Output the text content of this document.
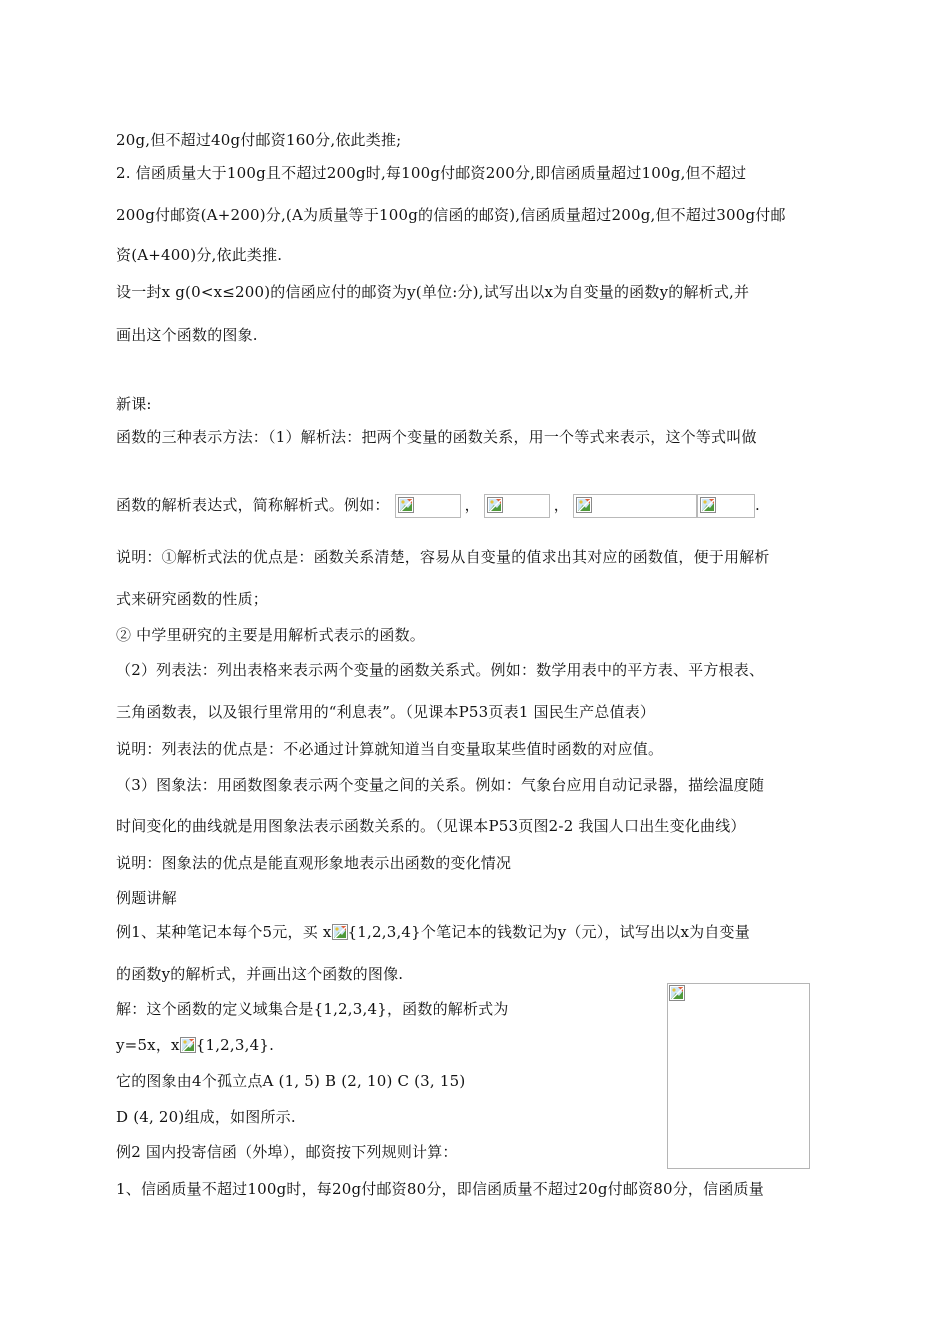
20g,但不超过40g付邮资160分,依此类推;
2. 信函质量大于100g且不超过200g时,每100g付邮资200分,即信函质量超过100g,但不超过
200g付邮资(A+200)分,(A为质量等于100g的信函的邮资),信函质量超过200g,但不超过300g付邮
资(A+400)分,依此类推.
设一封x g(0<x≤200)的信函应付的邮资为y(单位:分),试写出以x为自变量的函数y的解析式,并
画出这个函数的图象.
新课:
函数的三种表示方法：（1）解析法：把两个变量的函数关系，用一个等式来表示，这个等式叫做
函数的解析表达式，简称解析式。例如：	，	，	.
说明：①解析式法的优点是：函数关系清楚，容易从自变量的值求出其对应的函数值，便于用解析
式来研究函数的性质；
② 中学里研究的主要是用解析式表示的函数。
（2）列表法：列出表格来表示两个变量的函数关系式。例如：数学用表中的平方表、平方根表、
三角函数表，以及银行里常用的“利息表”。（见课本P53页表1 国民生产总值表）
说明：列表法的优点是：不必通过计算就知道当自变量取某些值时函数的对应值。
（3）图象法：用函数图象表示两个变量之间的关系。例如：气象台应用自动记录器，描绘温度随
时间变化的曲线就是用图象法表示函数关系的。（见课本P53页图2-2 我国人口出生变化曲线）
说明：图象法的优点是能直观形象地表示出函数的变化情况
例题讲解
例1、某种笔记本每个5元，买 x {1,2,3,4}个笔记本的钱数记为y（元），试写出以x为自变量
的函数y的解析式，并画出这个函数的图像.
解：这个函数的定义域集合是{1,2,3,4}，函数的解析式为
y=5x，x {1,2,3,4}.
它的图象由4个孤立点A (1, 5) B (2, 10) C (3, 15)
D (4, 20)组成，如图所示.
例2 国内投寄信函（外埠），邮资按下列规则计算：
1、信函质量不超过100g时，每20g付邮资80分，即信函质量不超过20g付邮资80分，信函质量
